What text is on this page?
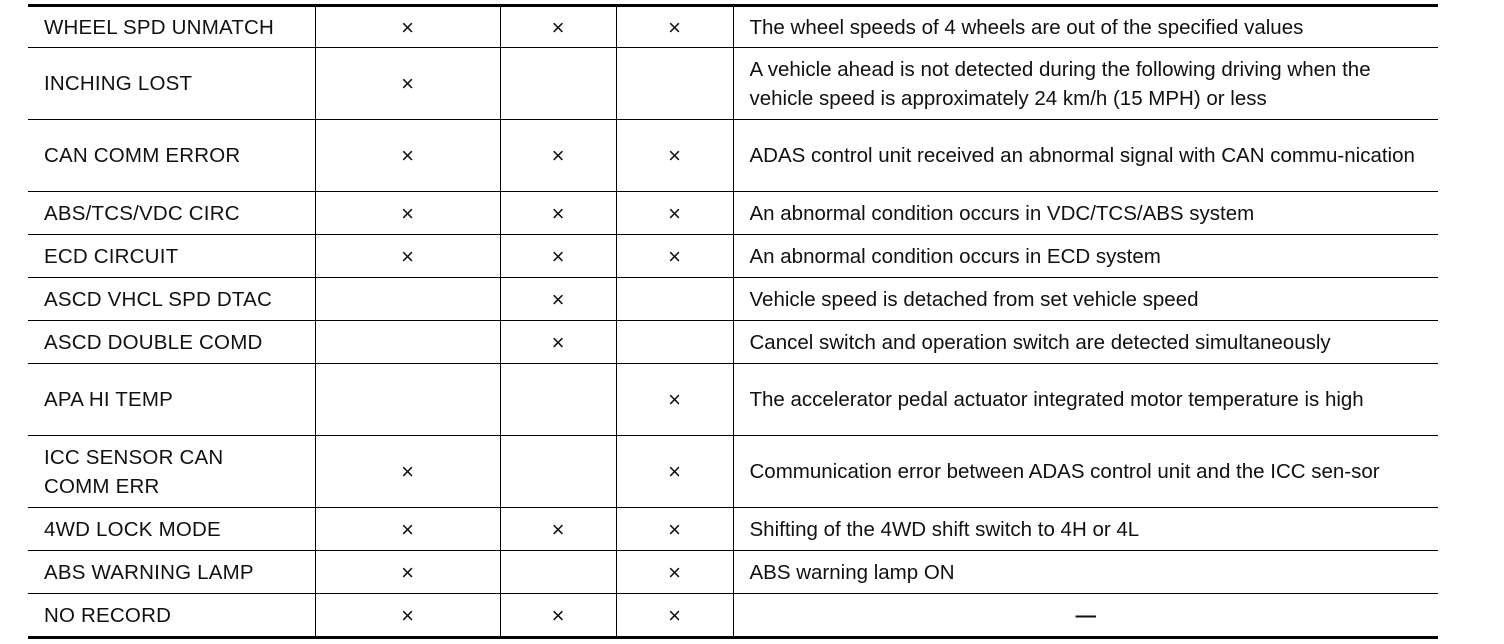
WHEEL SPD UNMATCH	×	×	×	The wheel speeds of 4 wheels are out of the specified values
INCHING LOST	×			A vehicle ahead is not detected during the following driving when the vehicle speed is approximately 24 km/h (15 MPH) or less
CAN COMM ERROR	×	×	×	ADAS control unit received an abnormal signal with CAN commu-nication
ABS/TCS/VDC CIRC	×	×	×	An abnormal condition occurs in VDC/TCS/ABS system
ECD CIRCUIT	×	×	×	An abnormal condition occurs in ECD system
ASCD VHCL SPD DTAC		×		Vehicle speed is detached from set vehicle speed
ASCD DOUBLE COMD		×		Cancel switch and operation switch are detected simultaneously
APA HI TEMP			×	The accelerator pedal actuator integrated motor temperature is high
ICC SENSOR CAN COMM ERR	×		×	Communication error between ADAS control unit and the ICC sen-sor
4WD LOCK MODE	×	×	×	Shifting of the 4WD shift switch to 4H or 4L
ABS WARNING LAMP	×		×	ABS warning lamp ON
NO RECORD	×	×	×	—
